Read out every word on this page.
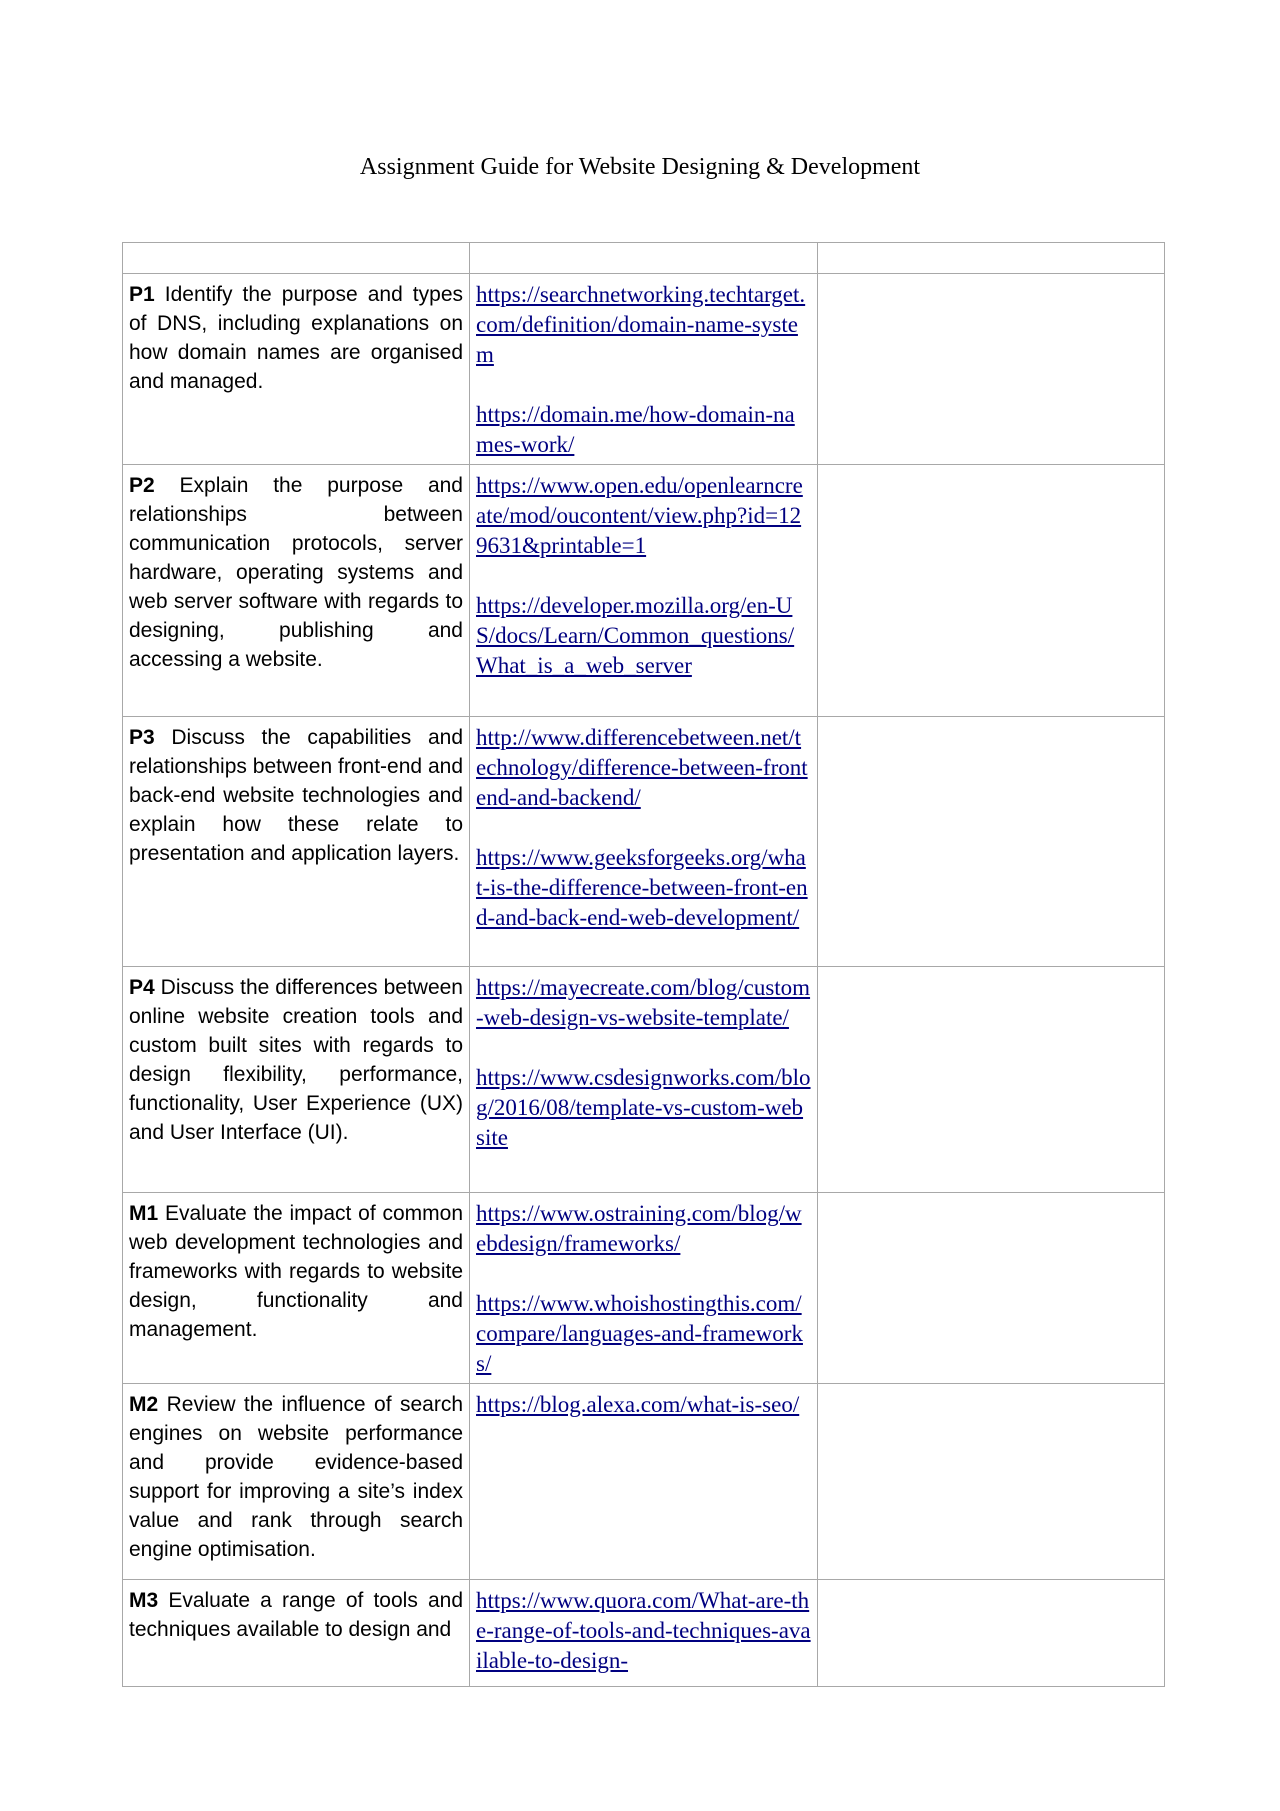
Assignment Guide for Website Designing & Development

P1 Identify the purpose and types of DNS, including explanations on how domain names are organised and managed.	https://searchnetworking.techtarget.com/definition/domain-name-system
https://domain.me/how-domain-names-work/	

P2 Explain the purpose and relationships between communication protocols, server hardware, operating systems and web server software with regards to designing, publishing and accessing a website.	https://www.open.edu/openlearncreate/mod/oucontent/view.php?id=129631&printable=1
https://developer.mozilla.org/en-US/docs/Learn/Common_questions/What_is_a_web_server	

P3 Discuss the capabilities and relationships between front-end and back-end website technologies and explain how these relate to presentation and application layers.	http://www.differencebetween.net/technology/difference-between-frontend-and-backend/
https://www.geeksforgeeks.org/what-is-the-difference-between-front-end-and-back-end-web-development/	

P4 Discuss the differences between online website creation tools and custom built sites with regards to design flexibility, performance, functionality, User Experience (UX) and User Interface (UI).	https://mayecreate.com/blog/custom-web-design-vs-website-template/
https://www.csdesignworks.com/blog/2016/08/template-vs-custom-website	

M1 Evaluate the impact of common web development technologies and frameworks with regards to website design, functionality and management.	https://www.ostraining.com/blog/webdesign/frameworks/
https://www.whoishostingthis.com/compare/languages-and-frameworks/	

M2 Review the influence of search engines on website performance and provide evidence-based support for improving a site’s index value and rank through search engine optimisation.	https://blog.alexa.com/what-is-seo/	

M3 Evaluate a range of tools and techniques available to design and	https://www.quora.com/What-are-the-range-of-tools-and-techniques-available-to-design-	
